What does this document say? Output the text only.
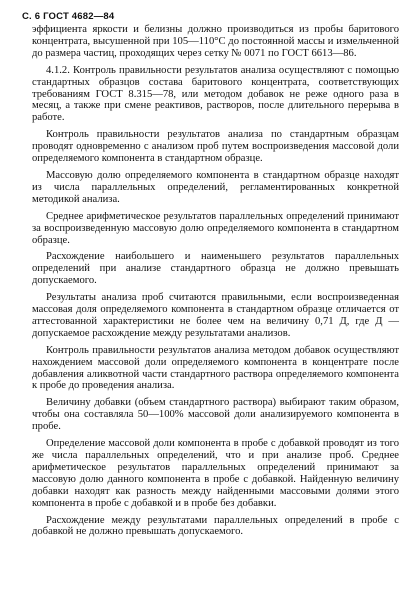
С. 6 ГОСТ 4682—84

эффициента яркости и белизны должно производиться из пробы баритового концентрата, высушенной при 105—110°С до постоянной массы и измельченной до размера частиц, проходящих через сетку № 0071 по ГОСТ 6613—86.

4.1.2. Контроль правильности результатов анализа осуществляют с помощью стандартных образцов состава баритового концентрата, соответствующих требованиям ГОСТ 8.315—78, или методом добавок не реже одного раза в месяц, а также при смене реактивов, растворов, после длительного перерыва в работе.

Контроль правильности результатов анализа по стандартным образцам проводят одновременно с анализом проб путем воспроизведения массовой доли определяемого компонента в стандартном образце.

Массовую долю определяемого компонента в стандартном образце находят из числа параллельных определений, регламентированных конкретной методикой анализа.

Среднее арифметическое результатов параллельных определений принимают за воспроизведенную массовую долю определяемого компонента в стандартном образце.

Расхождение наибольшего и наименьшего результатов параллельных определений при анализе стандартного образца не должно превышать допускаемого.

Результаты анализа проб считаются правильными, если воспроизведенная массовая доля определяемого компонента в стандартном образце отличается от аттестованной характеристики не более чем на величину 0,71 Д, где Д — допускаемое расхождение между результатами анализов.

Контроль правильности результатов анализа методом добавок осуществляют нахождением массовой доли определяемого компонента в концентрате после добавления аликвотной части стандартного раствора определяемого компонента к пробе до проведения анализа.

Величину добавки (объем стандартного раствора) выбирают таким образом, чтобы она составляла 50—100% массовой доли анализируемого компонента в пробе.

Определение массовой доли компонента в пробе с добавкой проводят из того же числа параллельных определений, что и при анализе проб. Среднее арифметическое результатов параллельных определений принимают за массовую долю данного компонента в пробе с добавкой. Найденную величину добавки находят как разность между найденными массовыми долями этого компонента в пробе с добавкой и в пробе без добавки.

Расхождение между результатами параллельных определений в пробе с добавкой не должно превышать допускаемого.
